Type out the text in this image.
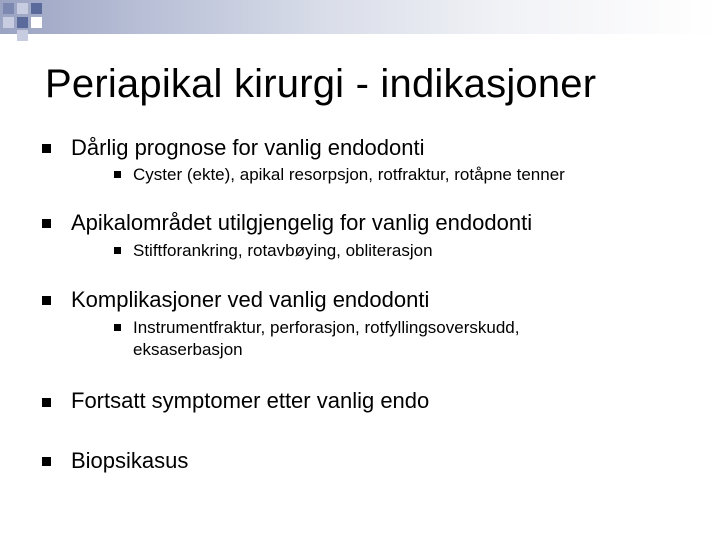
Periapikal kirurgi - indikasjoner
Dårlig prognose for vanlig endodonti
Cyster (ekte), apikal resorpsjon, rotfraktur, rotåpne tenner
Apikalområdet utilgjengelig for vanlig endodonti
Stiftforankring, rotavbøying, obliterasjon
Komplikasjoner ved vanlig endodonti
Instrumentfraktur, perforasjon, rotfyllingsoverskudd,
eksaserbasjon
Fortsatt symptomer etter vanlig endo
Biopsikasus
